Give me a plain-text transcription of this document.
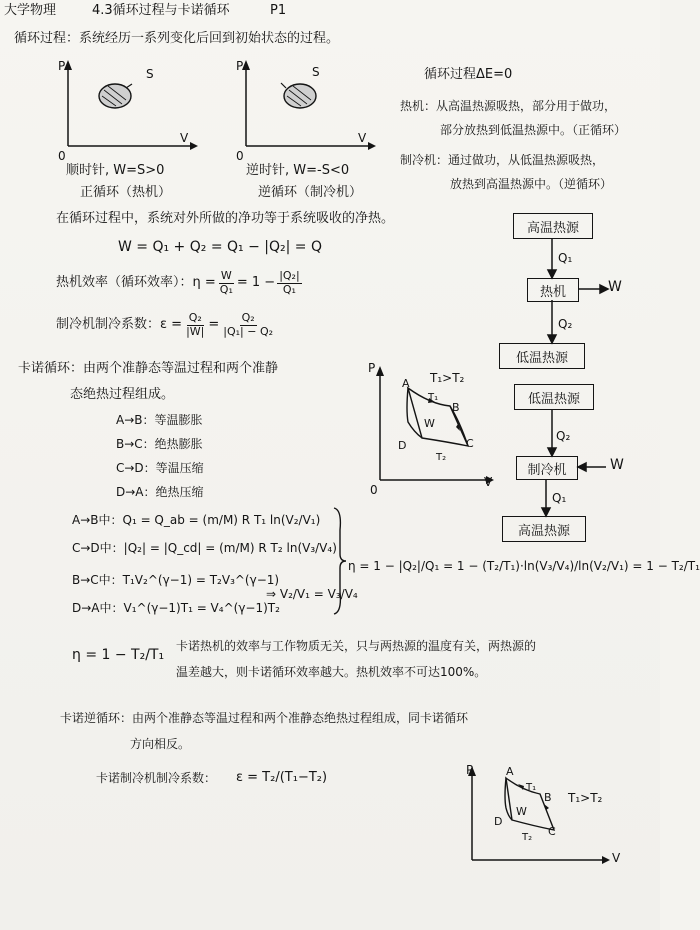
大学物理	4.3循环过程与卡诺循环	P1
循环过程：系统经历一系列变化后回到初始状态的过程。
P
S
V
0
顺时针, W=S>0
正循环（热机）
P	S
V
0
逆时针, W=-S<0
逆循环（制冷机）
循环过程ΔE=0
热机：从高温热源吸热，部分用于做功，
部分放热到低温热源中。（正循环）
制冷机：通过做功，从低温热源吸热，
放热到高温热源中。（逆循环）
在循环过程中，系统对外所做的净功等于系统吸收的净热。
W = Q₁ + Q₂ = Q₁ − |Q₂| = Q
热机效率（循环效率）： $\eta = \frac{W}{\text{Q₁}} = 1 - \frac{\text{|Q₂|}}{\text{Q₁}}$
制冷机制冷系数： $\varepsilon = \frac{\text{Q₂}}{|W|} = \frac{\text{Q₂}}{\text{|Q₁| − Q₂}}$
高温热源
热机
低温热源
Q₁
Q₂
W
低温热源
制冷机
高温热源
Q₂
Q₁
W
卡诺循环：由两个准静态等温过程和两个准静
态绝热过程组成。
A→B：等温膨胀
B→C：绝热膨胀
C→D：等温压缩
D→A：绝热压缩
P
V
0
T₁>T₂
A
B
C
D
T₁
W
T₂
A→B中：Q₁ = Q_ab = (m/M) R T₁ ln(V₂/V₁)
C→D中：|Q₂| = |Q_cd| = (m/M) R T₂ ln(V₃/V₄)
B→C中：T₁V₂^(γ−1) = T₂V₃^(γ−1)
D→A中：V₁^(γ−1)T₁ = V₄^(γ−1)T₂
⇒ V₂/V₁ = V₃/V₄
η = 1 − |Q₂|/Q₁ = 1 − (T₂/T₁)·ln(V₃/V₄)/ln(V₂/V₁) = 1 − T₂/T₁
η = 1 − T₂/T₁
卡诺热机的效率与工作物质无关，只与两热源的温度有关，两热源的
温差越大，则卡诺循环效率越大。热机效率不可达100%。
卡诺逆循环：由两个准静态等温过程和两个准静态绝热过程组成，同卡诺循环
方向相反。
卡诺制冷机制冷系数： ε = T₂/(T₁−T₂)	P
V
A
B
C
D
T₁
W
T₂
T₁>T₂
